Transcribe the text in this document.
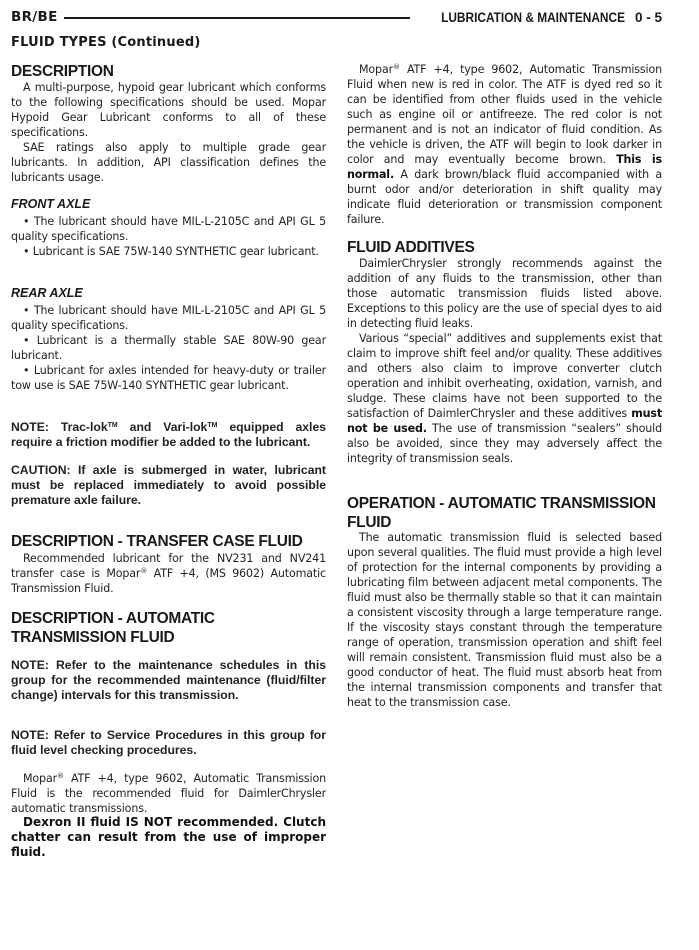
BR/BE	LUBRICATION & MAINTENANCE 0 - 5
FLUID TYPES (Continued)
DESCRIPTION
A multi-purpose, hypoid gear lubricant which conforms to the following specifications should be used. Mopar Hypoid Gear Lubricant conforms to all of these specifications.
SAE ratings also apply to multiple grade gear lubricants. In addition, API classification defines the lubricants usage.
FRONT AXLE
• The lubricant should have MIL-L-2105C and API GL 5 quality specifications.
• Lubricant is SAE 75W-140 SYNTHETIC gear lubricant.
REAR AXLE
• The lubricant should have MIL-L-2105C and API GL 5 quality specifications.
• Lubricant is a thermally stable SAE 80W-90 gear lubricant.
• Lubricant for axles intended for heavy-duty or trailer tow use is SAE 75W-140 SYNTHETIC gear lubricant.
NOTE: Trac-lok™ and Vari-lok™ equipped axles require a friction modifier be added to the lubricant.
CAUTION: If axle is submerged in water, lubricant must be replaced immediately to avoid possible premature axle failure.
DESCRIPTION - TRANSFER CASE FLUID
Recommended lubricant for the NV231 and NV241 transfer case is Mopar® ATF +4, (MS 9602) Automatic Transmission Fluid.
DESCRIPTION - AUTOMATIC TRANSMISSION FLUID
NOTE: Refer to the maintenance schedules in this group for the recommended maintenance (fluid/filter change) intervals for this transmission.
NOTE: Refer to Service Procedures in this group for fluid level checking procedures.
Mopar® ATF +4, type 9602, Automatic Transmission Fluid is the recommended fluid for DaimlerChrysler automatic transmissions.
Dexron II fluid IS NOT recommended. Clutch chatter can result from the use of improper fluid.
Mopar® ATF +4, type 9602, Automatic Transmission Fluid when new is red in color. The ATF is dyed red so it can be identified from other fluids used in the vehicle such as engine oil or antifreeze. The red color is not permanent and is not an indicator of fluid condition. As the vehicle is driven, the ATF will begin to look darker in color and may eventually become brown. This is normal. A dark brown/black fluid accompanied with a burnt odor and/or deterioration in shift quality may indicate fluid deterioration or transmission component failure.
FLUID ADDITIVES
DaimlerChrysler strongly recommends against the addition of any fluids to the transmission, other than those automatic transmission fluids listed above. Exceptions to this policy are the use of special dyes to aid in detecting fluid leaks.
Various “special” additives and supplements exist that claim to improve shift feel and/or quality. These additives and others also claim to improve converter clutch operation and inhibit overheating, oxidation, varnish, and sludge. These claims have not been supported to the satisfaction of DaimlerChrysler and these additives must not be used. The use of transmission “sealers” should also be avoided, since they may adversely affect the integrity of transmission seals.
OPERATION - AUTOMATIC TRANSMISSION FLUID
The automatic transmission fluid is selected based upon several qualities. The fluid must provide a high level of protection for the internal components by providing a lubricating film between adjacent metal components. The fluid must also be thermally stable so that it can maintain a consistent viscosity through a large temperature range. If the viscosity stays constant through the temperature range of operation, transmission operation and shift feel will remain consistent. Transmission fluid must also be a good conductor of heat. The fluid must absorb heat from the internal transmission components and transfer that heat to the transmission case.
